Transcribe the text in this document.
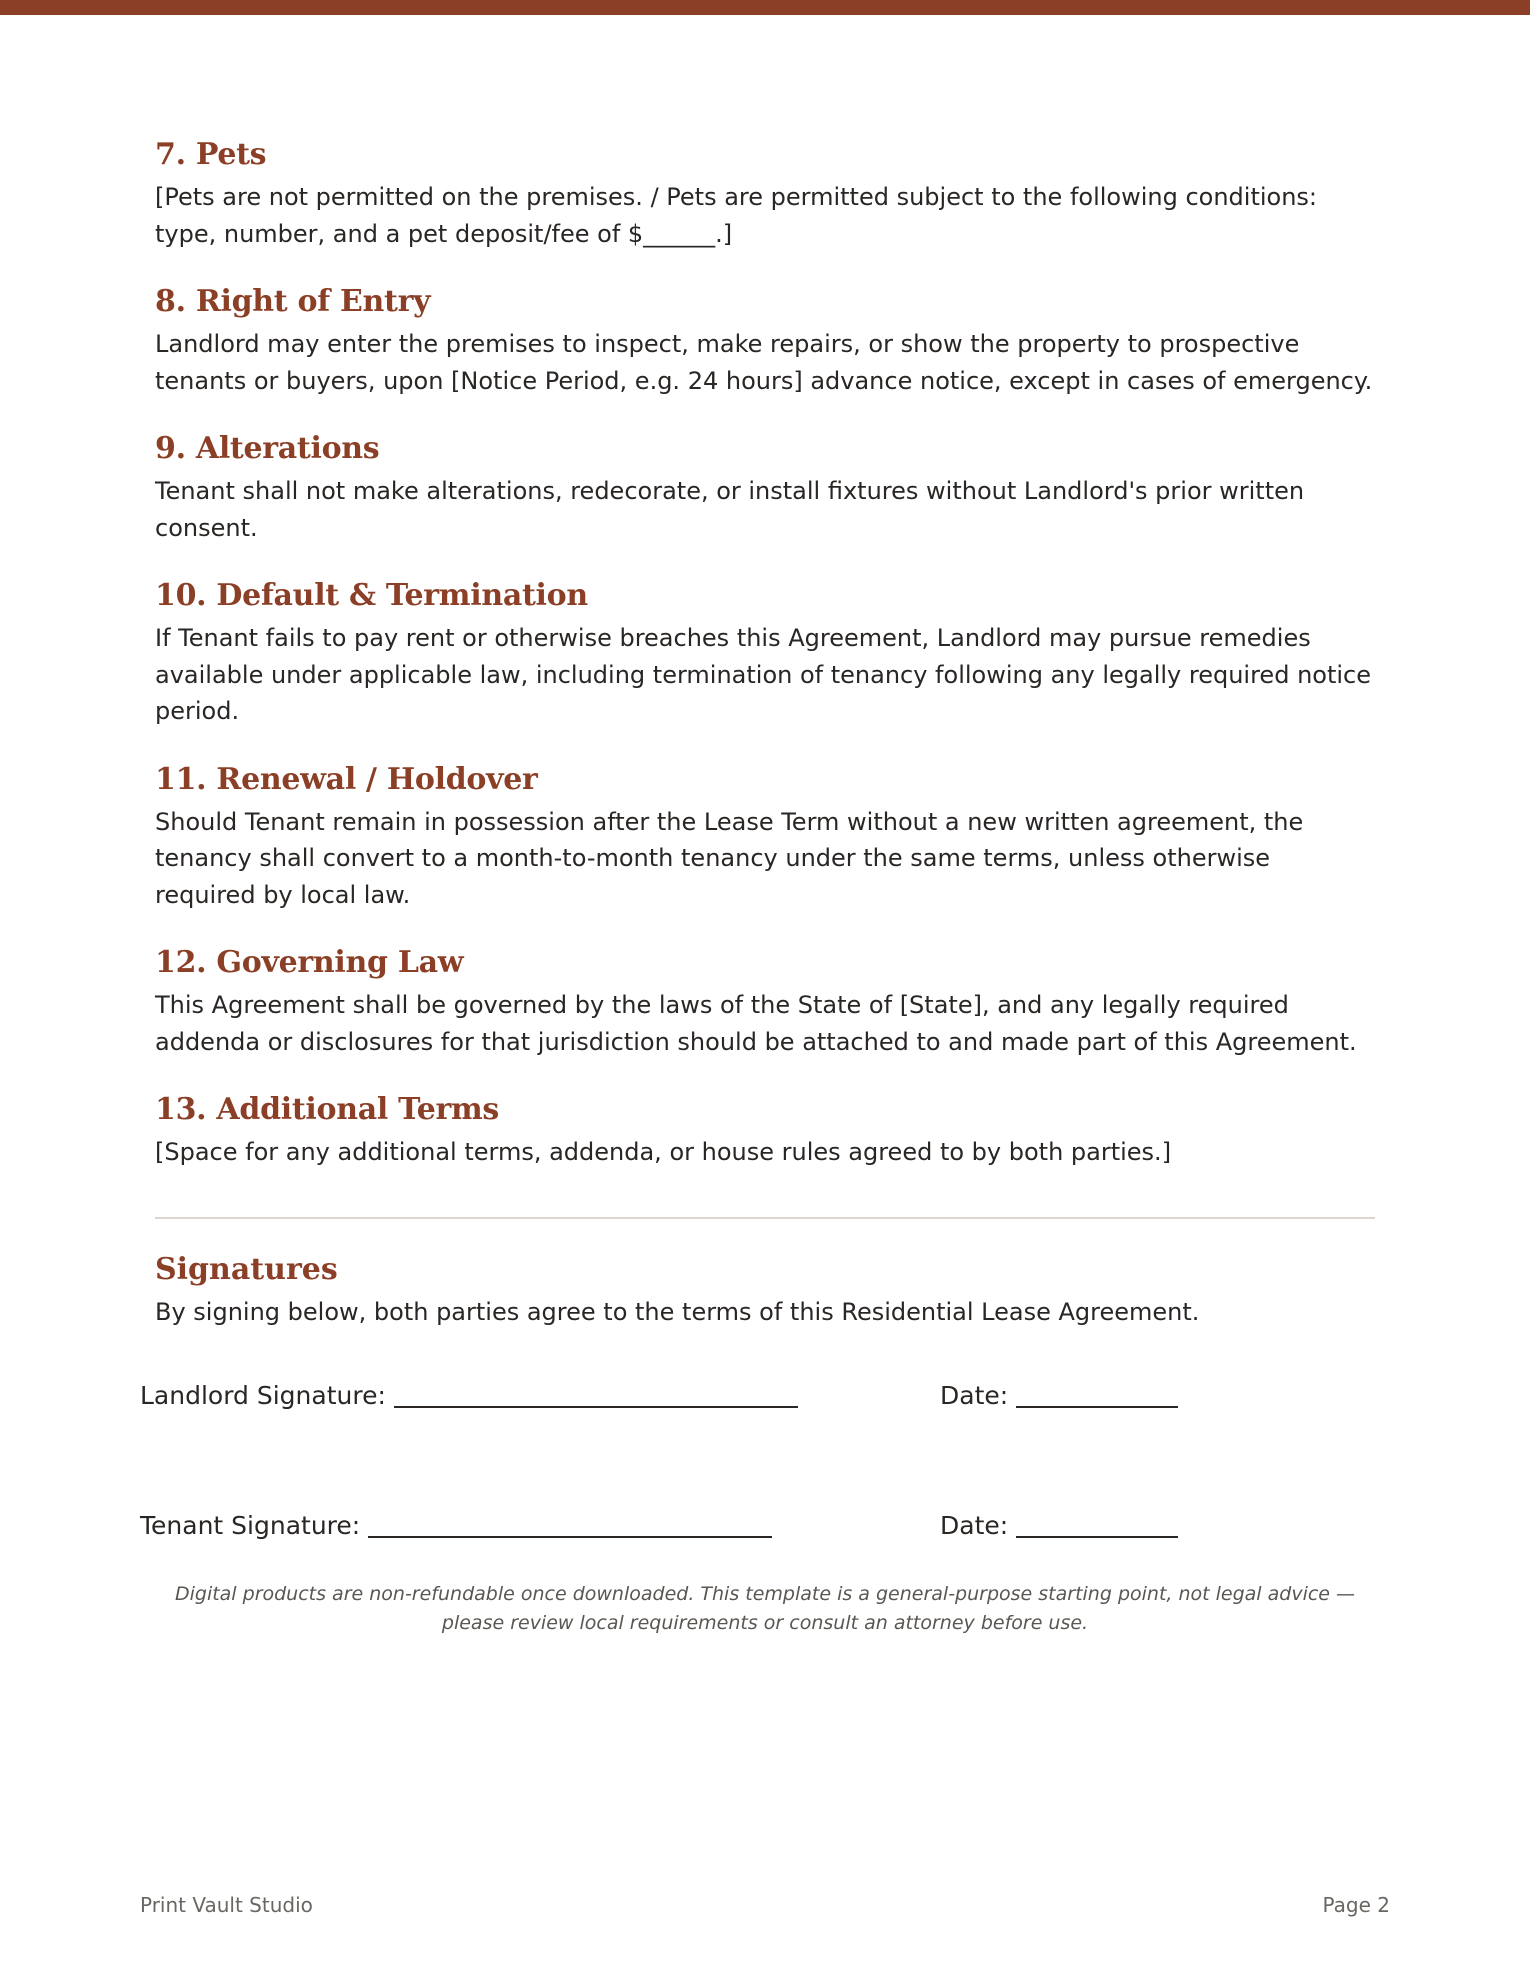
7. Pets

[Pets are not permitted on the premises. / Pets are permitted subject to the following conditions: type, number, and a pet deposit/fee of $______.]

8. Right of Entry

Landlord may enter the premises to inspect, make repairs, or show the property to prospective tenants or buyers, upon [Notice Period, e.g. 24 hours] advance notice, except in cases of emergency.

9. Alterations

Tenant shall not make alterations, redecorate, or install fixtures without Landlord's prior written consent.

10. Default & Termination

If Tenant fails to pay rent or otherwise breaches this Agreement, Landlord may pursue remedies available under applicable law, including termination of tenancy following any legally required notice period.

11. Renewal / Holdover

Should Tenant remain in possession after the Lease Term without a new written agreement, the tenancy shall convert to a month-to-month tenancy under the same terms, unless otherwise required by local law.

12. Governing Law

This Agreement shall be governed by the laws of the State of [State], and any legally required addenda or disclosures for that jurisdiction should be attached to and made part of this Agreement.

13. Additional Terms

[Space for any additional terms, addenda, or house rules agreed to by both parties.]

Signatures

By signing below, both parties agree to the terms of this Residential Lease Agreement.

Landlord Signature:	Date:
Tenant Signature:	Date:
Digital products are non-refundable once downloaded. This template is a general-purpose starting point, not legal advice — please review local requirements or consult an attorney before use.
Print Vault Studio	Page 2
